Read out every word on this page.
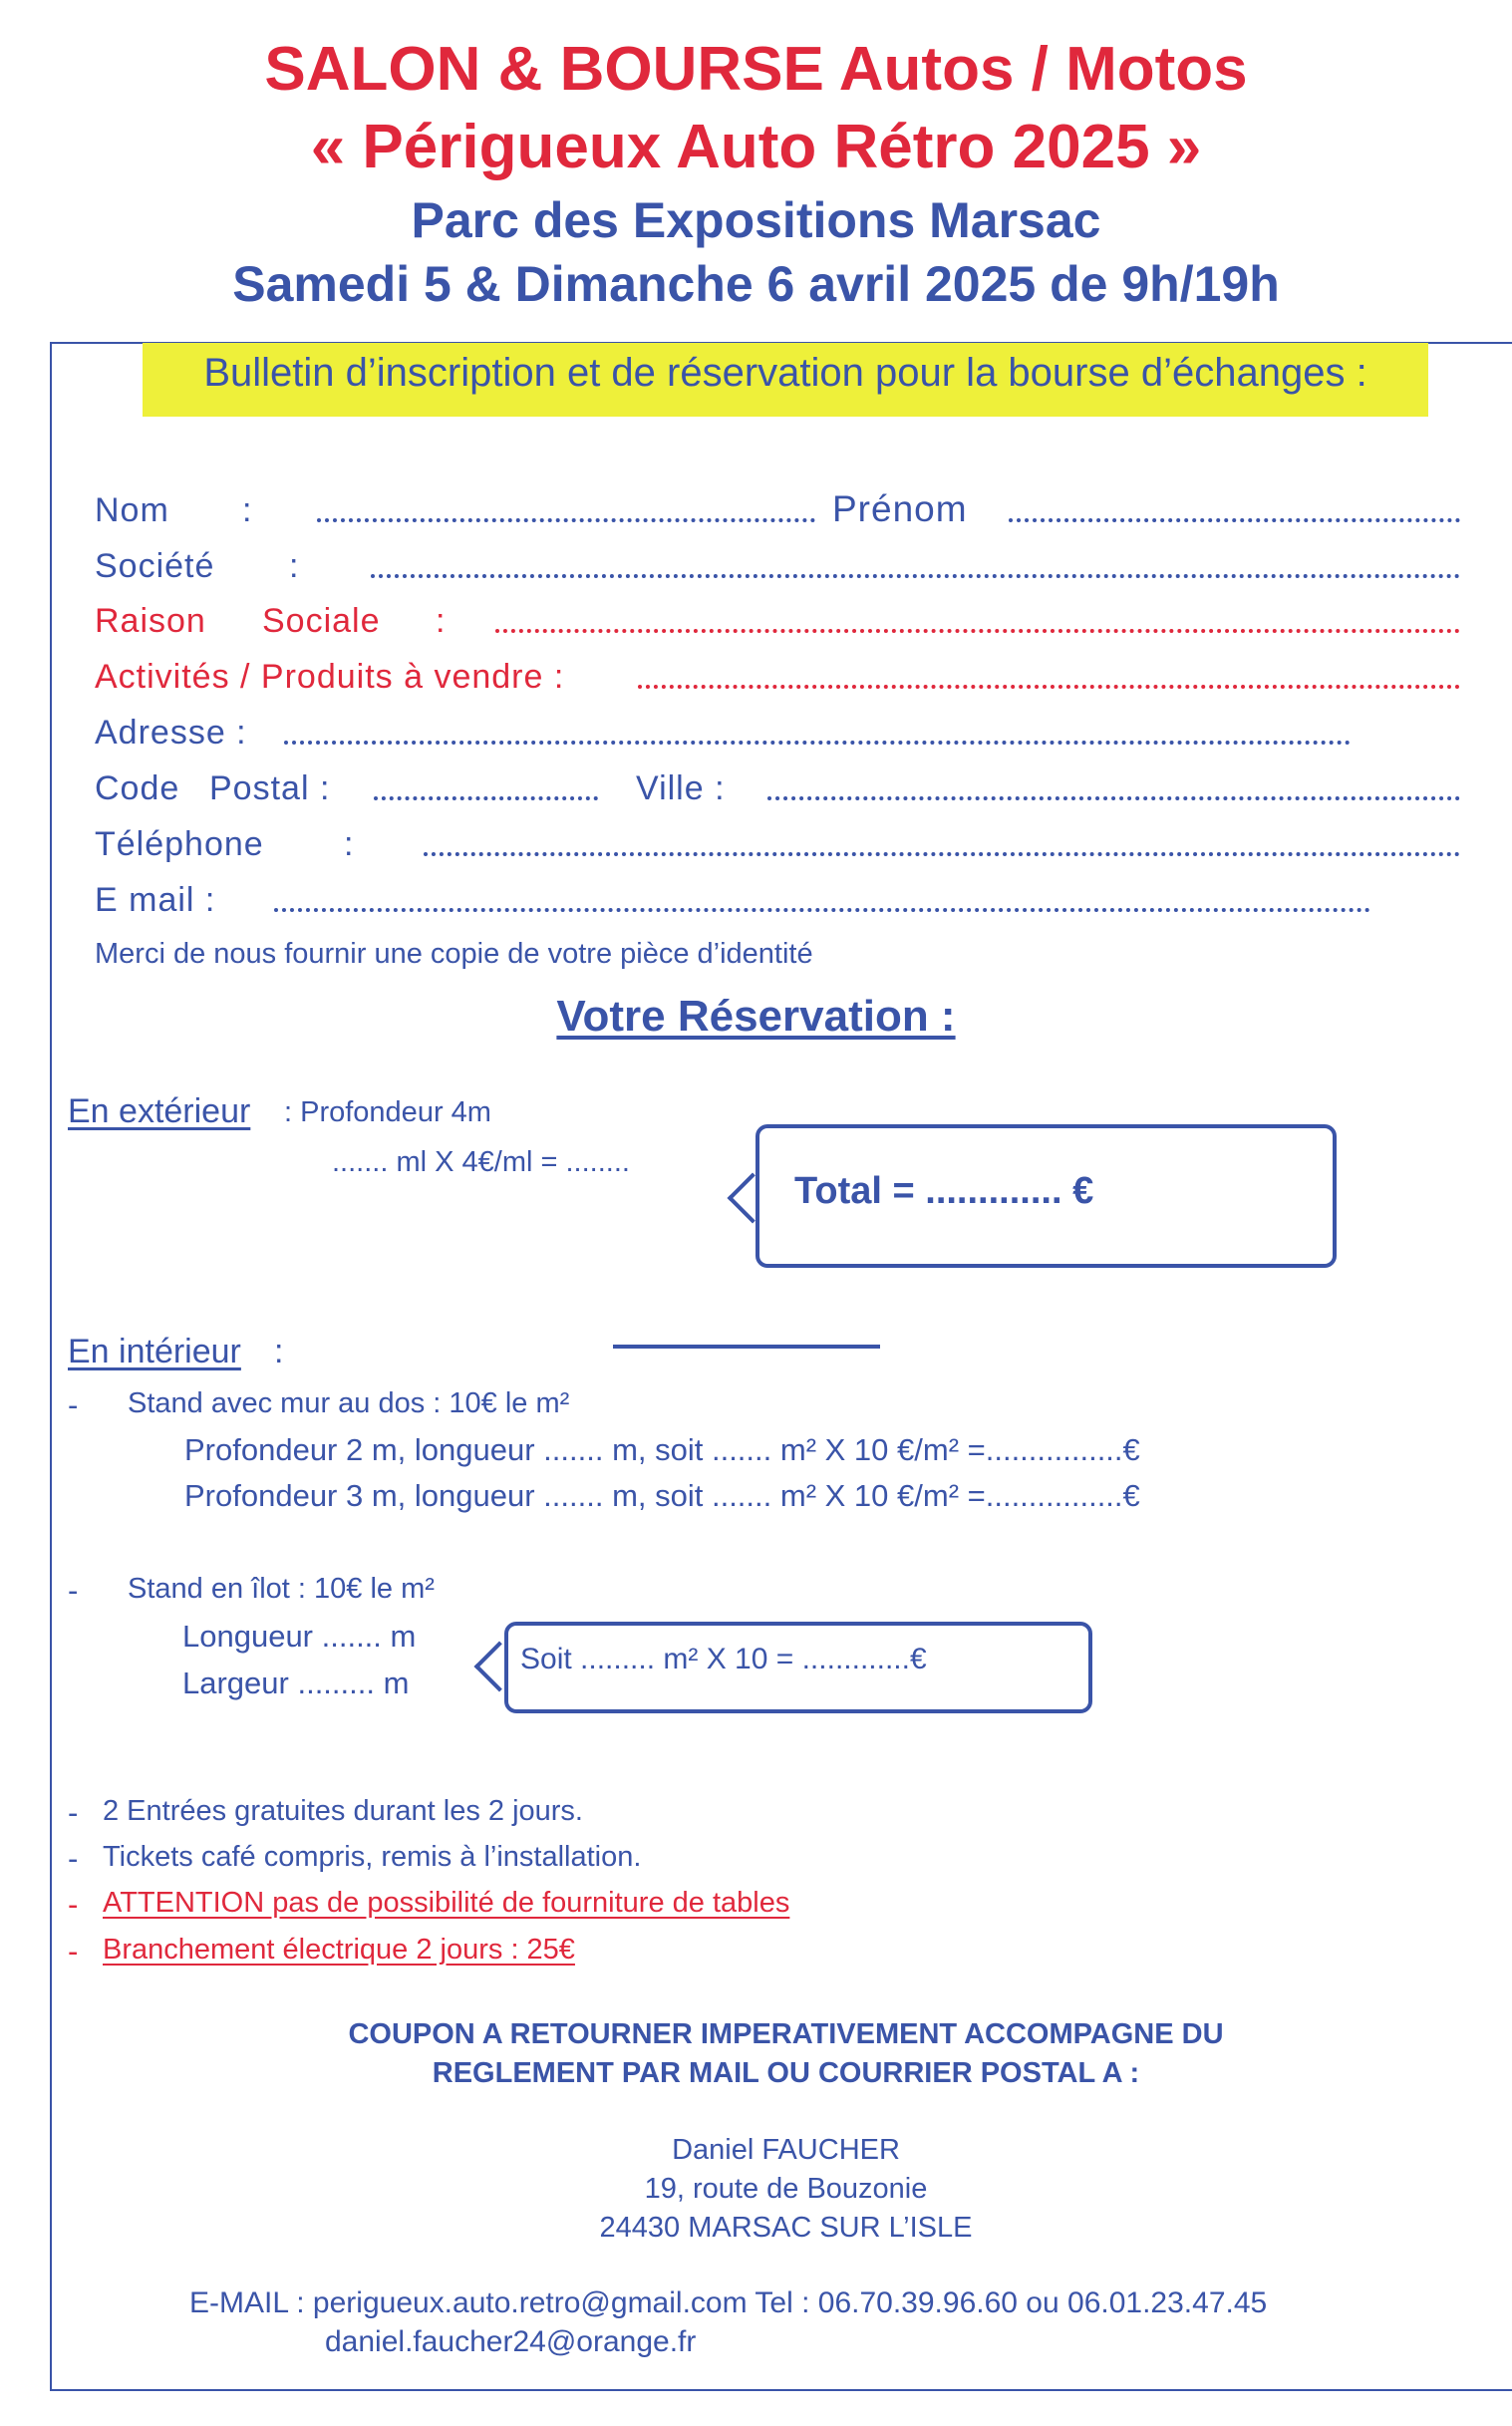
SALON & BOURSE Autos / Motos
« Périgueux Auto Rétro 2025 »
Parc des Expositions Marsac
Samedi 5 & Dimanche 6 avril 2025 de 9h/19h
Bulletin d’inscription et de réservation pour la bourse d’échanges :
Nom :	Prénom
Société :
Raison Sociale :
Activités / Produits à vendre :
Adresse :
Code Postal :	Ville :
Téléphone :
E mail :
Merci de nous fournir une copie de votre pièce d’identité
Votre Réservation :
En extérieur : Profondeur 4m
....... ml X 4€/ml = ........
Total = ............. €
En intérieur :
- Stand avec mur au dos : 10€ le m²
Profondeur 2 m, longueur ....... m, soit ....... m² X 10 €/m² =................€
Profondeur 3 m, longueur ....... m, soit ....... m² X 10 €/m² =................€
- Stand en îlot : 10€ le m²
Longueur ....... m
Largeur ......... m
Soit ......... m² X 10 = .............€
- 2 Entrées gratuites durant les 2 jours.
- Tickets café compris, remis à l’installation.
- ATTENTION pas de possibilité de fourniture de tables
- Branchement électrique 2 jours : 25€
COUPON A RETOURNER IMPERATIVEMENT ACCOMPAGNE DU
REGLEMENT PAR MAIL OU COURRIER POSTAL A :
Daniel FAUCHER
19, route de Bouzonie
24430 MARSAC SUR L’ISLE
E-MAIL : perigueux.auto.retro@gmail.com Tel : 06.70.39.96.60 ou 06.01.23.47.45
daniel.faucher24@orange.fr
